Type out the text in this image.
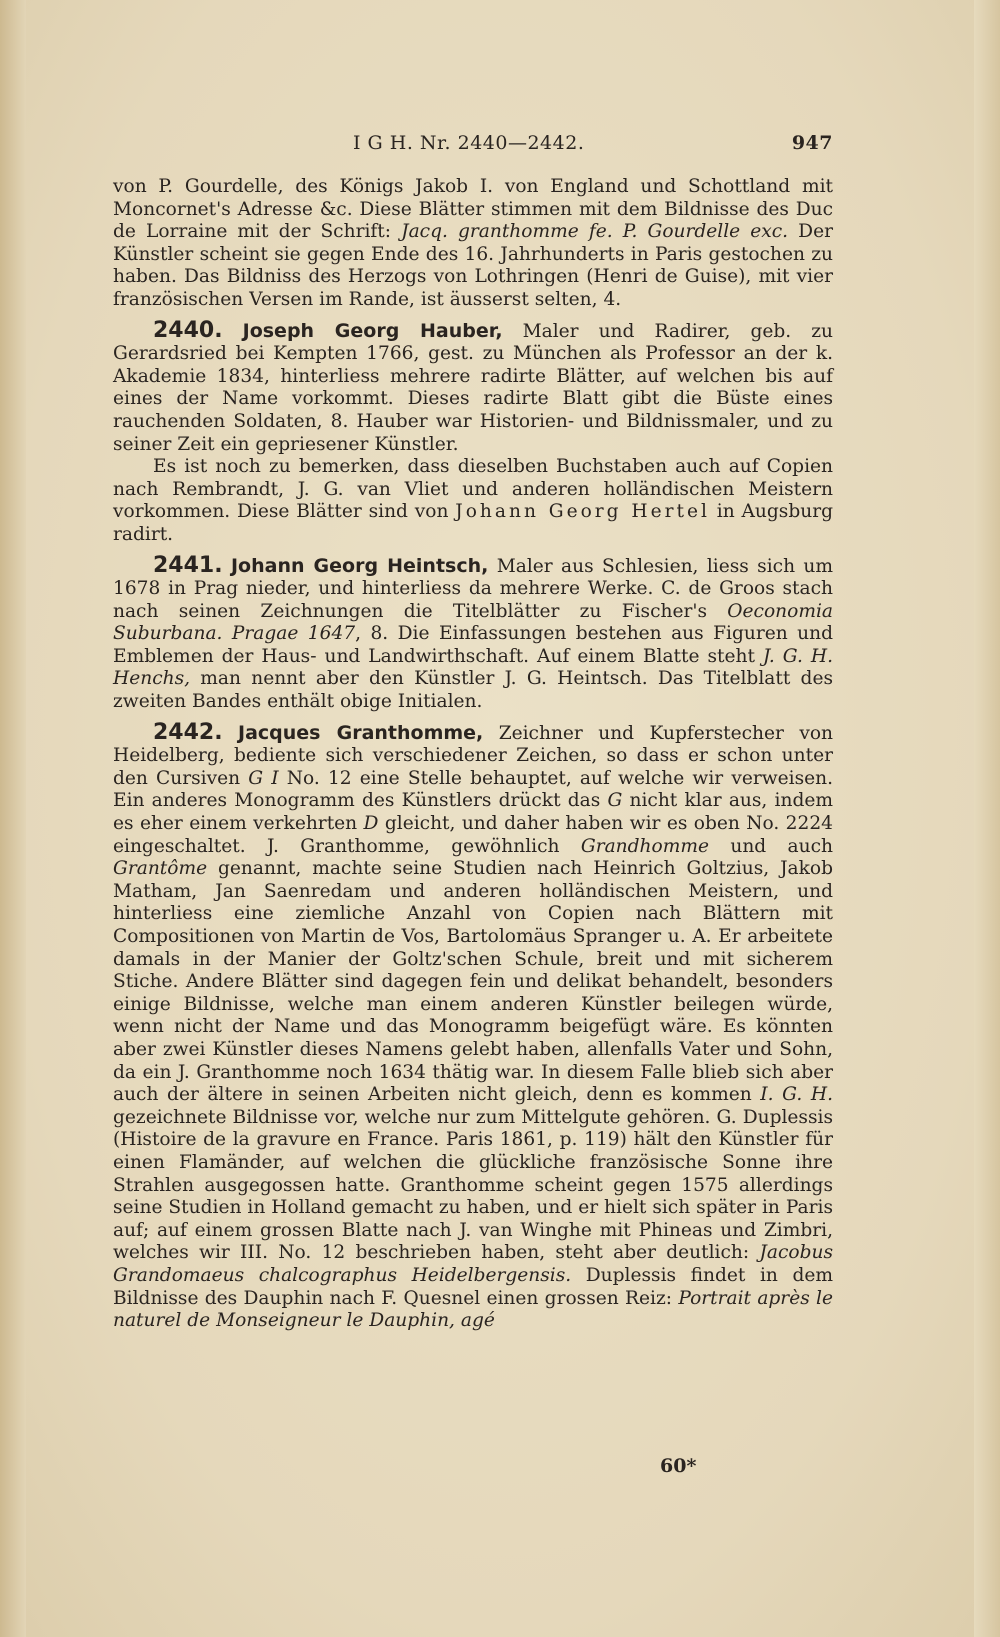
I G H. Nr. 2440—2442.	947

von P. Gourdelle, des Königs Jakob I. von England und Schottland mit Moncornet's Adresse &c. Diese Blätter stimmen mit dem Bildnisse des Duc de Lorraine mit der Schrift: Jacq. granthomme fe. P. Gourdelle exc. Der Künstler scheint sie gegen Ende des 16. Jahrhunderts in Paris gestochen zu haben. Das Bildniss des Herzogs von Lothringen (Henri de Guise), mit vier französischen Versen im Rande, ist äusserst selten, 4.

2440. Joseph Georg Hauber, Maler und Radirer, geb. zu Gerardsried bei Kempten 1766, gest. zu München als Professor an der k. Akademie 1834, hinterliess mehrere radirte Blätter, auf welchen bis auf eines der Name vorkommt. Dieses radirte Blatt gibt die Büste eines rauchenden Soldaten, 8. Hauber war Historien- und Bildnissmaler, und zu seiner Zeit ein gepriesener Künstler.

Es ist noch zu bemerken, dass dieselben Buchstaben auch auf Copien nach Rembrandt, J. G. van Vliet und anderen holländischen Meistern vorkommen. Diese Blätter sind von Johann Georg Hertel in Augsburg radirt.

2441. Johann Georg Heintsch, Maler aus Schlesien, liess sich um 1678 in Prag nieder, und hinterliess da mehrere Werke. C. de Groos stach nach seinen Zeichnungen die Titelblätter zu Fischer's Oeconomia Suburbana. Pragae 1647, 8. Die Einfassungen bestehen aus Figuren und Emblemen der Haus- und Landwirthschaft. Auf einem Blatte steht J. G. H. Henchs, man nennt aber den Künstler J. G. Heintsch. Das Titelblatt des zweiten Bandes enthält obige Initialen.

2442. Jacques Granthomme, Zeichner und Kupferstecher von Heidelberg, bediente sich verschiedener Zeichen, so dass er schon unter den Cursiven G I No. 12 eine Stelle behauptet, auf welche wir verweisen. Ein anderes Monogramm des Künstlers drückt das G nicht klar aus, indem es eher einem verkehrten D gleicht, und daher haben wir es oben No. 2224 eingeschaltet. J. Granthomme, gewöhnlich Grandhomme und auch Grantôme genannt, machte seine Studien nach Heinrich Goltzius, Jakob Matham, Jan Saenredam und anderen holländischen Meistern, und hinterliess eine ziemliche Anzahl von Copien nach Blättern mit Compositionen von Martin de Vos, Bartolomäus Spranger u. A. Er arbeitete damals in der Manier der Goltz'schen Schule, breit und mit sicherem Stiche. Andere Blätter sind dagegen fein und delikat behandelt, besonders einige Bildnisse, welche man einem anderen Künstler beilegen würde, wenn nicht der Name und das Monogramm beigefügt wäre. Es könnten aber zwei Künstler dieses Namens gelebt haben, allenfalls Vater und Sohn, da ein J. Granthomme noch 1634 thätig war. In diesem Falle blieb sich aber auch der ältere in seinen Arbeiten nicht gleich, denn es kommen I. G. H. gezeichnete Bildnisse vor, welche nur zum Mittelgute gehören. G. Duplessis (Histoire de la gravure en France. Paris 1861, p. 119) hält den Künstler für einen Flamänder, auf welchen die glückliche französische Sonne ihre Strahlen ausgegossen hatte. Granthomme scheint gegen 1575 allerdings seine Studien in Holland gemacht zu haben, und er hielt sich später in Paris auf; auf einem grossen Blatte nach J. van Winghe mit Phineas und Zimbri, welches wir III. No. 12 beschrieben haben, steht aber deutlich: Jacobus Grandomaeus chalcographus Heidelbergensis. Duplessis findet in dem Bildnisse des Dauphin nach F. Quesnel einen grossen Reiz: Portrait après le naturel de Monseigneur le Dauphin, agé

60*
